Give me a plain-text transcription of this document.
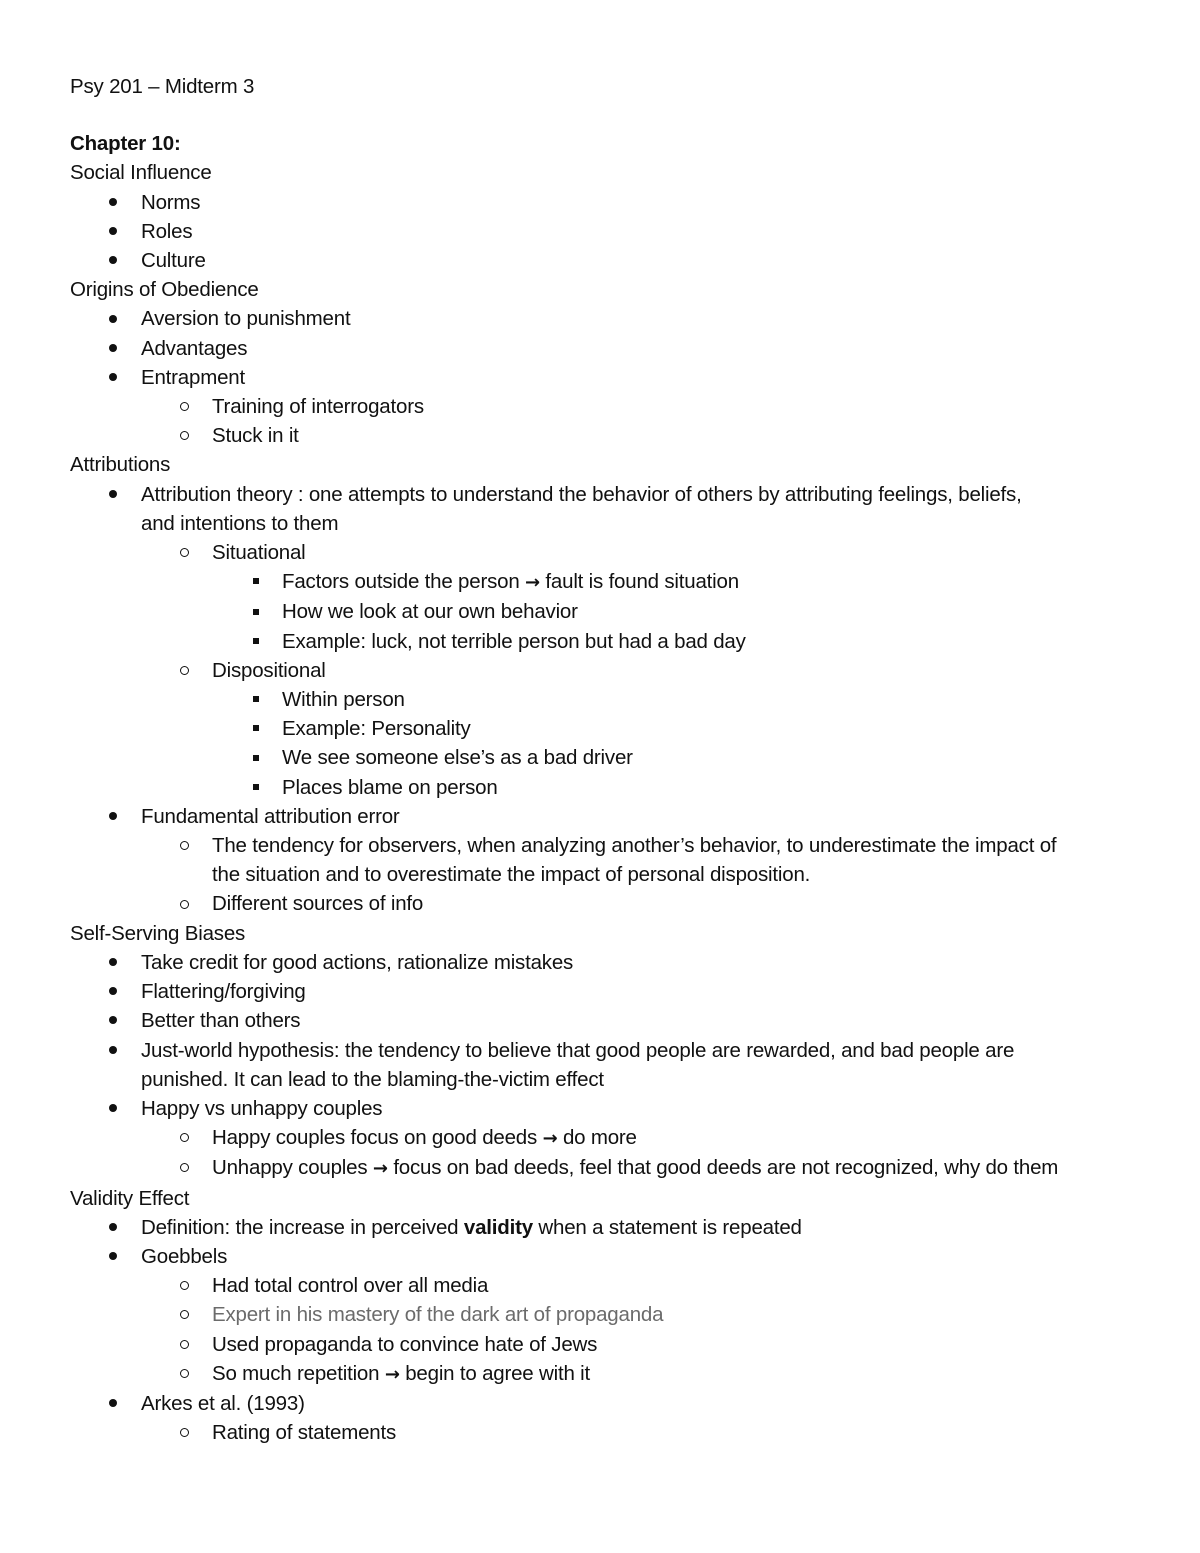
Psy 201 – Midterm 3
Chapter 10:
Social Influence
Norms
Roles
Culture
Origins of Obedience
Aversion to punishment
Advantages
Entrapment
Training of interrogators
Stuck in it
Attributions
Attribution theory : one attempts to understand the behavior of others by attributing feelings, beliefs,
and intentions to them
Situational
Factors outside the person → fault is found situation
How we look at our own behavior
Example: luck, not terrible person but had a bad day
Dispositional
Within person
Example: Personality
We see someone else’s as a bad driver
Places blame on person
Fundamental attribution error
The tendency for observers, when analyzing another’s behavior, to underestimate the impact of
the situation and to overestimate the impact of personal disposition.
Different sources of info
Self-Serving Biases
Take credit for good actions, rationalize mistakes
Flattering/forgiving
Better than others
Just-world hypothesis: the tendency to believe that good people are rewarded, and bad people are
punished. It can lead to the blaming-the-victim effect
Happy vs unhappy couples
Happy couples focus on good deeds → do more
Unhappy couples → focus on bad deeds, feel that good deeds are not recognized, why do them
Validity Effect
Definition: the increase in perceived validity when a statement is repeated
Goebbels
Had total control over all media
Expert in his mastery of the dark art of propaganda
Used propaganda to convince hate of Jews
So much repetition → begin to agree with it
Arkes et al. (1993)
Rating of statements
